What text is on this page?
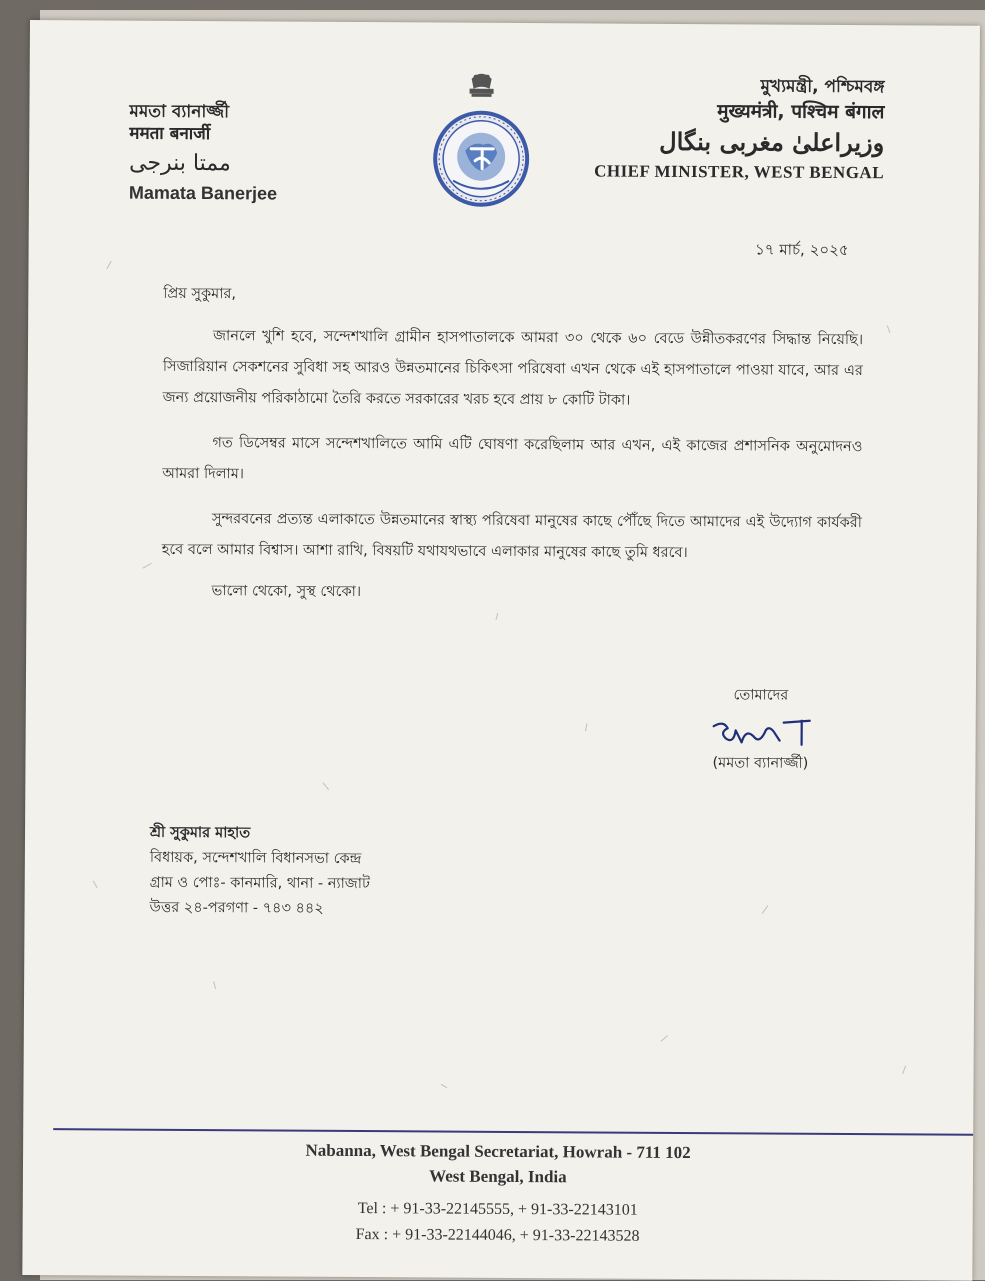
মমতা ব্যানার্জ্জী
ममता बनार्जी
ممتا بنرجی
Mamata Banerjee
মুখ্যমন্ত্রী, পশ্চিমবঙ্গ
मुख्यमंत्री, पश्चिम बंगाल
وزیراعلیٰ مغربی بنگال
CHIEF MINISTER, WEST BENGAL
১৭ মার্চ, ২০২৫

প্রিয় সুকুমার,

জানলে খুশি হবে, সন্দেশখালি গ্রামীন হাসপাতালকে আমরা ৩০ থেকে ৬০ বেডে উন্নীতকরণের সিদ্ধান্ত নিয়েছি। সিজারিয়ান সেকশনের সুবিধা সহ আরও উন্নতমানের চিকিৎসা পরিষেবা এখন থেকে এই হাসপাতালে পাওয়া যাবে, আর এর জন্য প্রয়োজনীয় পরিকাঠামো তৈরি করতে সরকারের খরচ হবে প্রায় ৮ কোটি টাকা।

গত ডিসেম্বর মাসে সন্দেশখালিতে আমি এটি ঘোষণা করেছিলাম আর এখন, এই কাজের প্রশাসনিক অনুমোদনও আমরা দিলাম।

সুন্দরবনের প্রত্যন্ত এলাকাতে উন্নতমানের স্বাস্থ্য পরিষেবা মানুষের কাছে পৌঁছে দিতে আমাদের এই উদ্যোগ কার্যকরী হবে বলে আমার বিশ্বাস। আশা রাখি, বিষয়টি যথাযথভাবে এলাকার মানুষের কাছে তুমি ধরবে।

ভালো থেকো, সুস্থ থেকো।

তোমাদের
(মমতা ব্যানার্জ্জী)
শ্রী সুকুমার মাহাত
বিধায়ক, সন্দেশখালি বিধানসভা কেন্দ্র
গ্রাম ও পোঃ- কানমারি, থানা - ন্যাজাট
উত্তর ২৪-পরগণা - ৭৪৩ ৪৪২
Nabanna, West Bengal Secretariat, Howrah - 711 102
West Bengal, India
Tel : + 91-33-22145555, + 91-33-22143101
Fax : + 91-33-22144046, + 91-33-22143528
